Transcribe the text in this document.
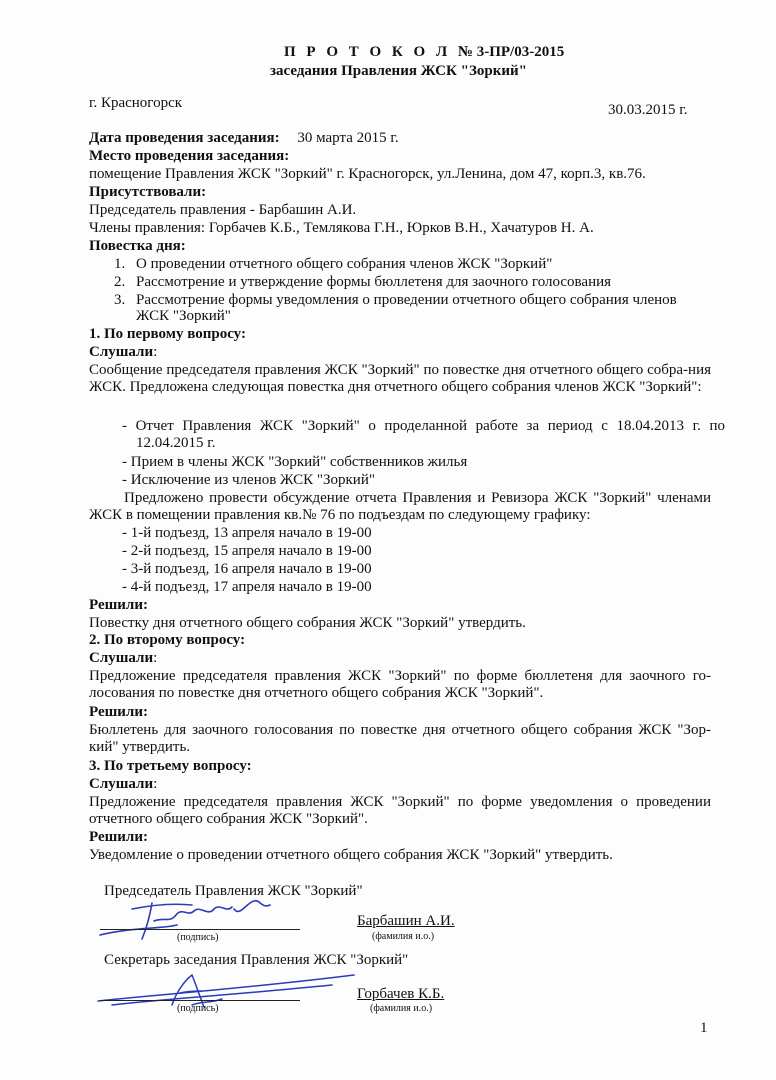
П Р О Т О К О Л № 3-ПР/03-2015
заседания Правления ЖСК "Зоркий"
г. Красногорск	30.03.2015 г.
Дата проведения заседания: 30 марта 2015 г.
Место проведения заседания:
помещение Правления ЖСК "Зоркий" г. Красногорск, ул.Ленина, дом 47, корп.3, кв.76.
Присутствовали:
Председатель правления - Барбашин А.И.
Члены правления: Горбачев К.Б., Темлякова Г.Н., Юрков В.Н., Хачатуров Н. А.
Повестка дня:
1. О проведении отчетного общего собрания членов ЖСК "Зоркий"
2. Рассмотрение и утверждение формы бюллетеня для заочного голосования
3. Рассмотрение формы уведомления о проведении отчетного общего собрания членов
ЖСК "Зоркий"
1. По первому вопросу:
Слушали:
Сообщение председателя правления ЖСК "Зоркий" по повестке дня отчетного общего собра-ния ЖСК. Предложена следующая повестка дня отчетного общего собрания членов ЖСК "Зоркий":
- Отчет Правления ЖСК "Зоркий" о проделанной работе за период с 18.04.2013 г. по 12.04.2015 г.
- Прием в члены ЖСК "Зоркий" собственников жилья
- Исключение из членов ЖСК "Зоркий"
Предложено провести обсуждение отчета Правления и Ревизора ЖСК "Зоркий" членами ЖСК в помещении правления кв.№ 76 по подъездам по следующему графику:
- 1-й подъезд, 13 апреля начало в 19-00
- 2-й подъезд, 15 апреля начало в 19-00
- 3-й подъезд, 16 апреля начало в 19-00
- 4-й подъезд, 17 апреля начало в 19-00
Решили:
Повестку дня отчетного общего собрания ЖСК "Зоркий" утвердить.
2. По второму вопросу:
Слушали:
Предложение председателя правления ЖСК "Зоркий" по форме бюллетеня для заочного го-лосования по повестке дня отчетного общего собрания ЖСК "Зоркий".
Решили:
Бюллетень для заочного голосования по повестке дня отчетного общего собрания ЖСК "Зор-кий" утвердить.
3. По третьему вопросу:
Слушали:
Предложение председателя правления ЖСК "Зоркий" по форме уведомления о проведении отчетного общего собрания ЖСК "Зоркий".
Решили:
Уведомление о проведении отчетного общего собрания ЖСК "Зоркий" утвердить.
Председатель Правления ЖСК "Зоркий"
(подпись)
Барбашин А.И.
(фамилия и.о.)
Секретарь заседания Правления ЖСК "Зоркий"
(подпись)
Горбачев К.Б.
(фамилия и.о.)
1
